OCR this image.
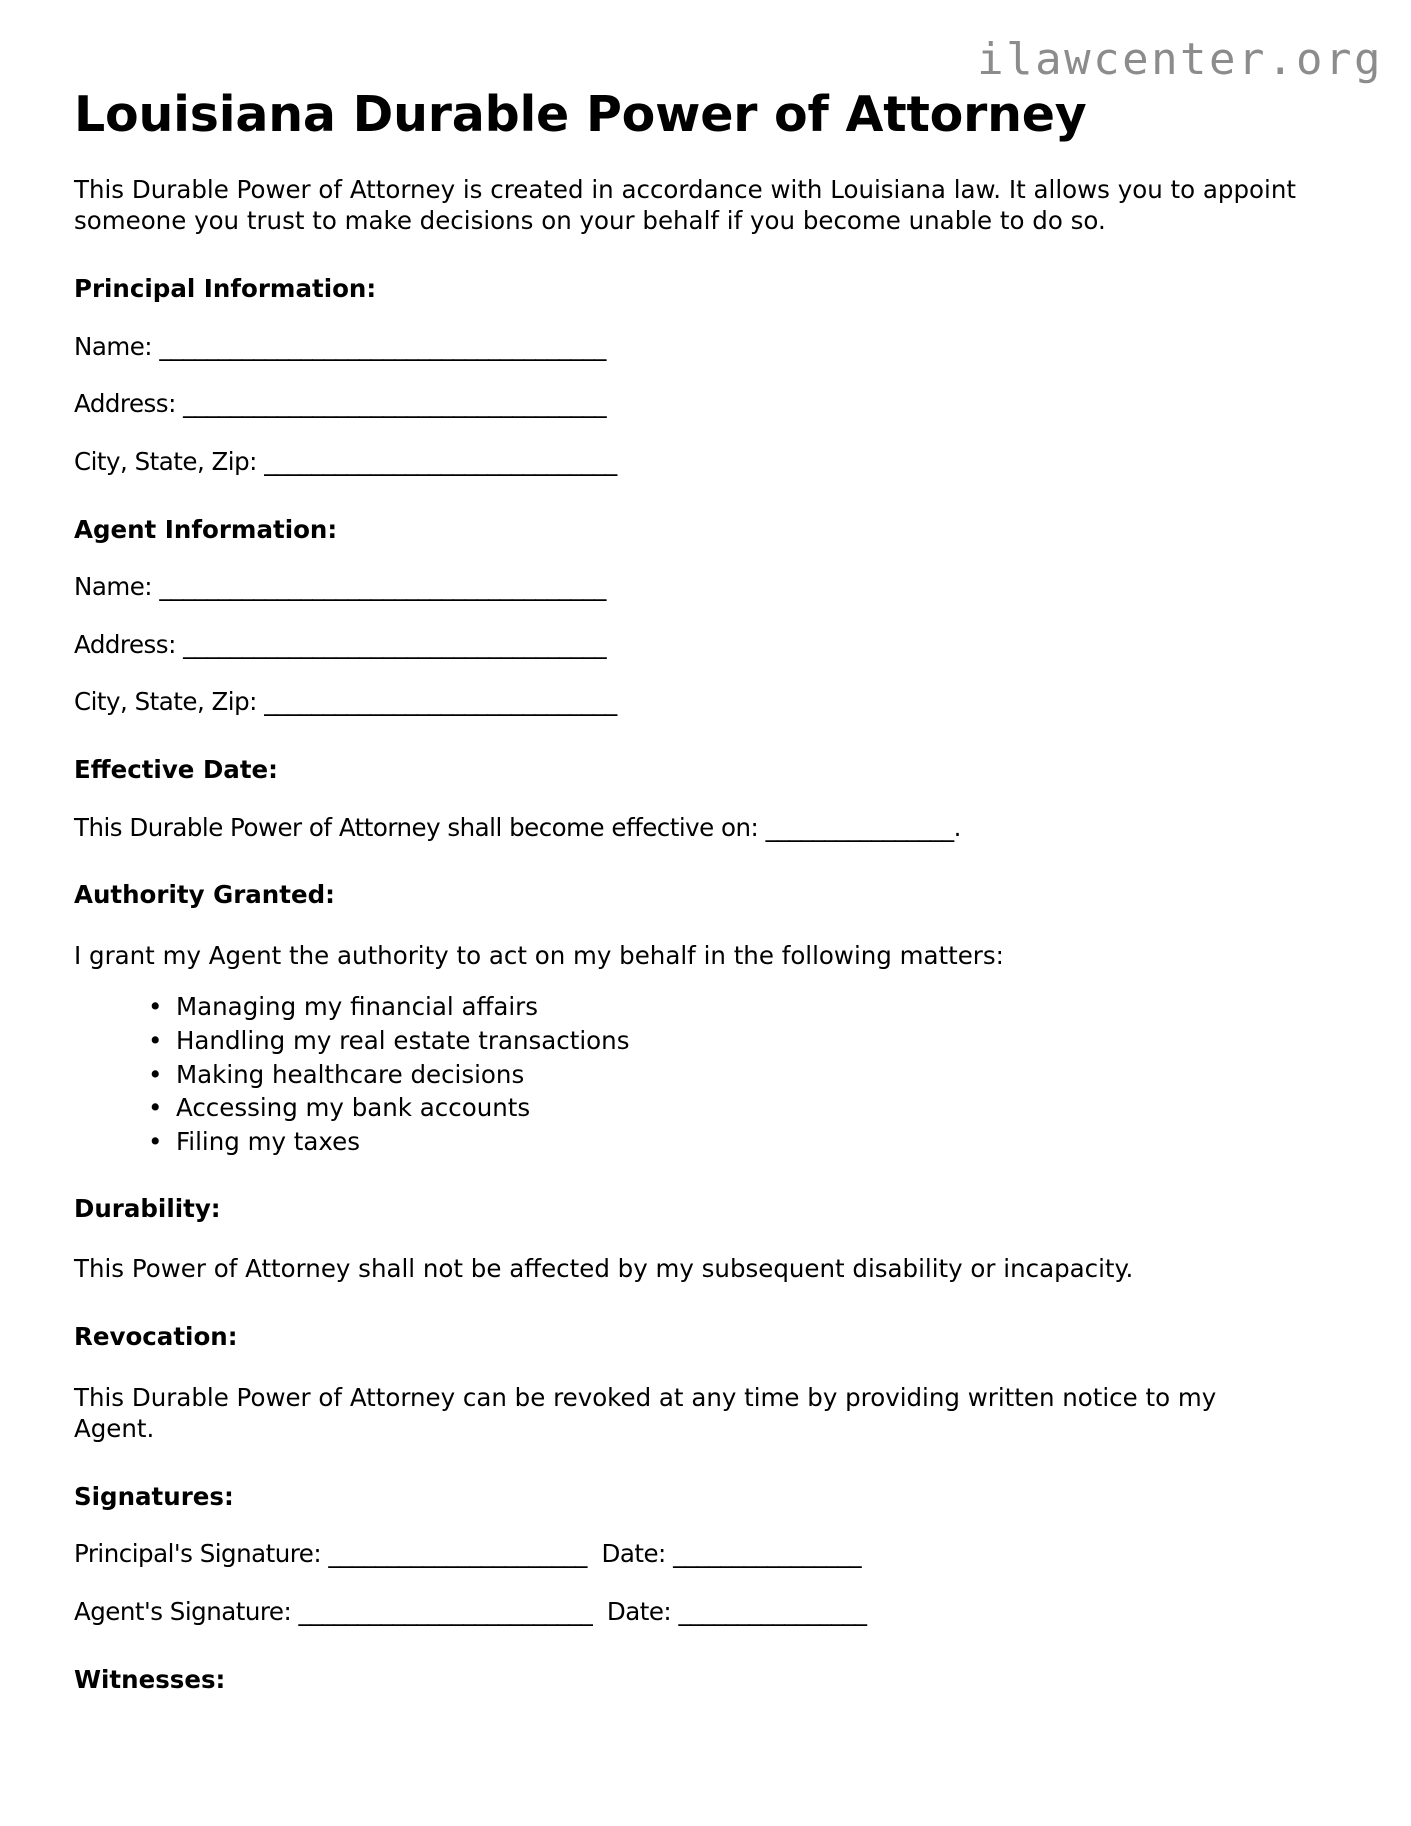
ilawcenter.org
Louisiana Durable Power of Attorney

This Durable Power of Attorney is created in accordance with Louisiana law. It allows you to appoint someone you trust to make decisions on your behalf if you become unable to do so.

Principal Information:

Name: ______________________________________

Address: ____________________________________

City, State, Zip: ______________________________

Agent Information:

Name: ______________________________________

Address: ____________________________________

City, State, Zip: ______________________________

Effective Date:

This Durable Power of Attorney shall become effective on: ________________.

Authority Granted:

I grant my Agent the authority to act on my behalf in the following matters:

• Managing my financial affairs
• Handling my real estate transactions
• Making healthcare decisions
• Accessing my bank accounts
• Filing my taxes
Durability:

This Power of Attorney shall not be affected by my subsequent disability or incapacity.

Revocation:

This Durable Power of Attorney can be revoked at any time by providing written notice to my Agent.

Signatures:

Principal's Signature: ______________________  Date: ________________

Agent's Signature: _________________________  Date: ________________

Witnesses:
